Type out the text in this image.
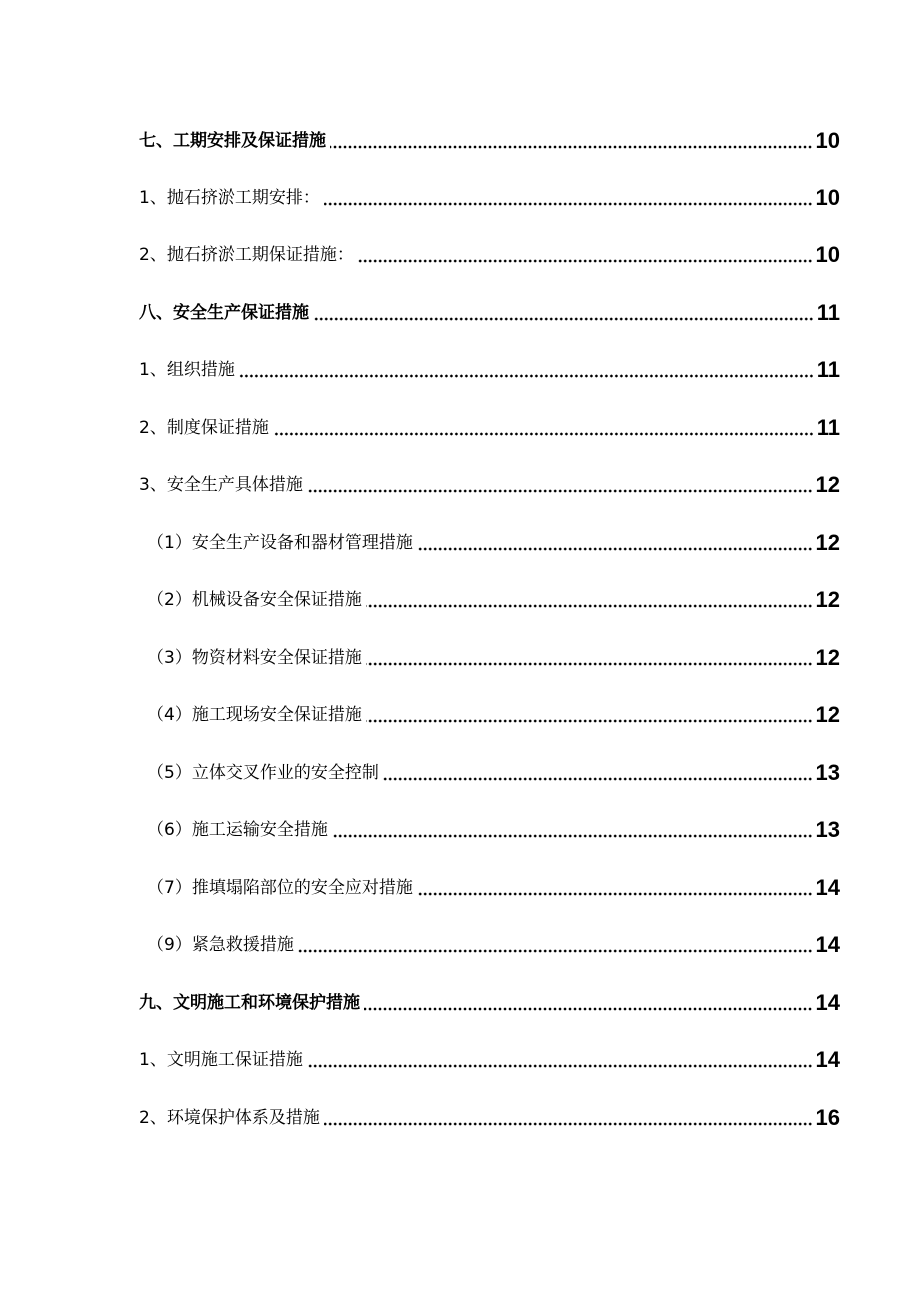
七、工期安排及保证措施	10
1、抛石挤淤工期安排：	10
2、抛石挤淤工期保证措施：	10
八、安全生产保证措施	11
1、组织措施	11
2、制度保证措施	11
3、安全生产具体措施	12
（1）安全生产设备和器材管理措施	12
（2）机械设备安全保证措施	12
（3）物资材料安全保证措施	12
（4）施工现场安全保证措施	12
（5）立体交叉作业的安全控制	13
（6）施工运输安全措施	13
（7）推填塌陷部位的安全应对措施	14
（9）紧急救援措施	14
九、文明施工和环境保护措施	14
1、文明施工保证措施	14
2、环境保护体系及措施	16
